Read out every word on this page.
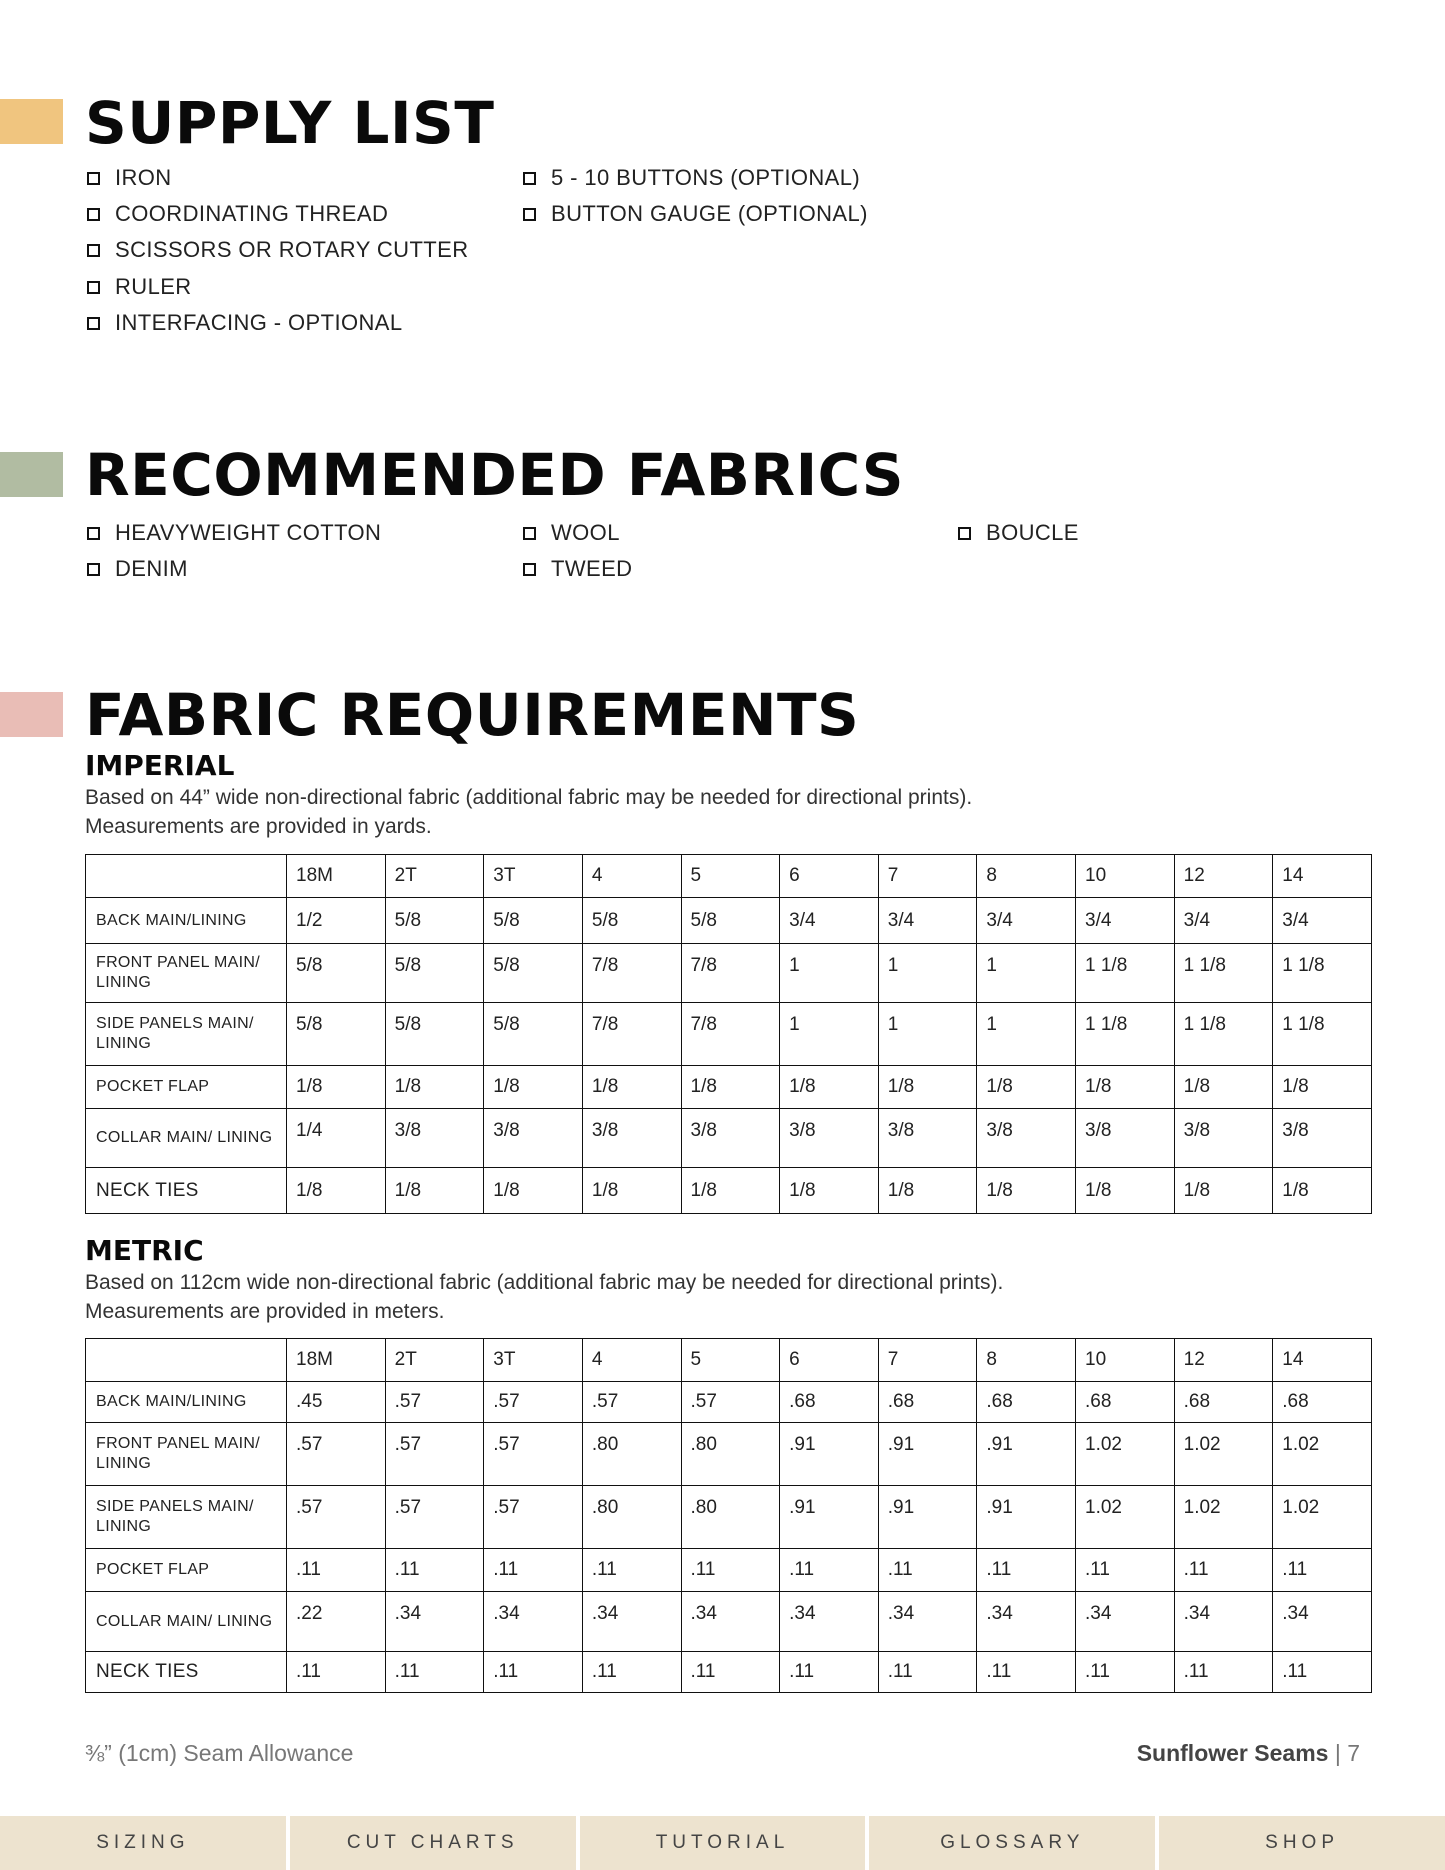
SUPPLY LIST
IRON
COORDINATING THREAD
SCISSORS OR ROTARY CUTTER
RULER
INTERFACING - OPTIONAL
5 - 10 BUTTONS (OPTIONAL)
BUTTON GAUGE (OPTIONAL)
RECOMMENDED FABRICS
HEAVYWEIGHT COTTON
DENIM
WOOL
TWEED
BOUCLE
FABRIC REQUIREMENTS
IMPERIAL
Based on 44” wide non-directional fabric (additional fabric may be needed for directional prints).
Measurements are provided in yards.
	18M	2T	3T	4	5	6	7	8	10	12	14
BACK MAIN/LINING	1/2	5/8	5/8	5/8	5/8	3/4	3/4	3/4	3/4	3/4	3/4
FRONT PANEL MAIN/ LINING	5/8	5/8	5/8	7/8	7/8	1	1	1	1 1/8	1 1/8	1 1/8
SIDE PANELS MAIN/ LINING	5/8	5/8	5/8	7/8	7/8	1	1	1	1 1/8	1 1/8	1 1/8
POCKET FLAP	1/8	1/8	1/8	1/8	1/8	1/8	1/8	1/8	1/8	1/8	1/8
COLLAR MAIN/ LINING	1/4	3/8	3/8	3/8	3/8	3/8	3/8	3/8	3/8	3/8	3/8
NECK TIES	1/8	1/8	1/8	1/8	1/8	1/8	1/8	1/8	1/8	1/8	1/8
METRIC
Based on 112cm wide non-directional fabric (additional fabric may be needed for directional prints).
Measurements are provided in meters.
	18M	2T	3T	4	5	6	7	8	10	12	14
BACK MAIN/LINING	.45	.57	.57	.57	.57	.68	.68	.68	.68	.68	.68
FRONT PANEL MAIN/ LINING	.57	.57	.57	.80	.80	.91	.91	.91	1.02	1.02	1.02
SIDE PANELS MAIN/ LINING	.57	.57	.57	.80	.80	.91	.91	.91	1.02	1.02	1.02
POCKET FLAP	.11	.11	.11	.11	.11	.11	.11	.11	.11	.11	.11
COLLAR MAIN/ LINING	.22	.34	.34	.34	.34	.34	.34	.34	.34	.34	.34
NECK TIES	.11	.11	.11	.11	.11	.11	.11	.11	.11	.11	.11
⅜” (1cm) Seam Allowance	Sunflower Seams | 7
SIZING	CUT CHARTS	TUTORIAL	GLOSSARY	SHOP
